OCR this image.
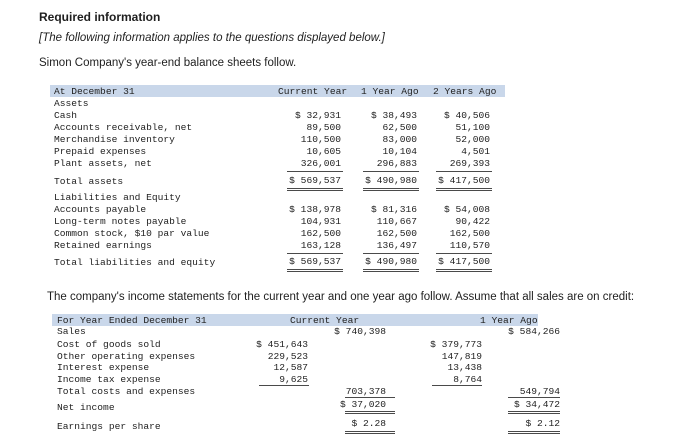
Required information
[The following information applies to the questions displayed below.]
Simon Company's year-end balance sheets follow.
At December 31	Current Year 1 Year Ago 2 Years Ago
Assets
Cash	$ 32,931	$ 38,493	$ 40,506
Accounts receivable, net	89,500	62,500	51,100
Merchandise inventory	110,500	83,000	52,000
Prepaid expenses	10,605	10,104	4,501
Plant assets, net	326,001	296,883	269,393
Total assets	$ 569,537	$ 490,980 $ 417,500
Liabilities and Equity
Accounts payable	$ 138,978	$ 81,316	$ 54,008
Long-term notes payable	104,931	110,667	90,422
Common stock, $10 par value	162,500	162,500	162,500
Retained earnings	163,128	136,497	110,570
Total liabilities and equity	$ 569,537	$ 490,980 $ 417,500
The company's income statements for the current year and one year ago follow. Assume that all sales are on credit:
For Year Ended December 31	Current Year	1 Year Ago
Sales	$ 740,398	$ 584,266
Cost of goods sold	$ 451,643	$ 379,773
Other operating expenses	229,523	147,819
Interest expense	12,587	13,438
Income tax expense	9,625	8,764
Total costs and expenses	703,378	549,794
Net income	$ 37,020	$ 34,472
Earnings per share	$ 2.28	$ 2.12
